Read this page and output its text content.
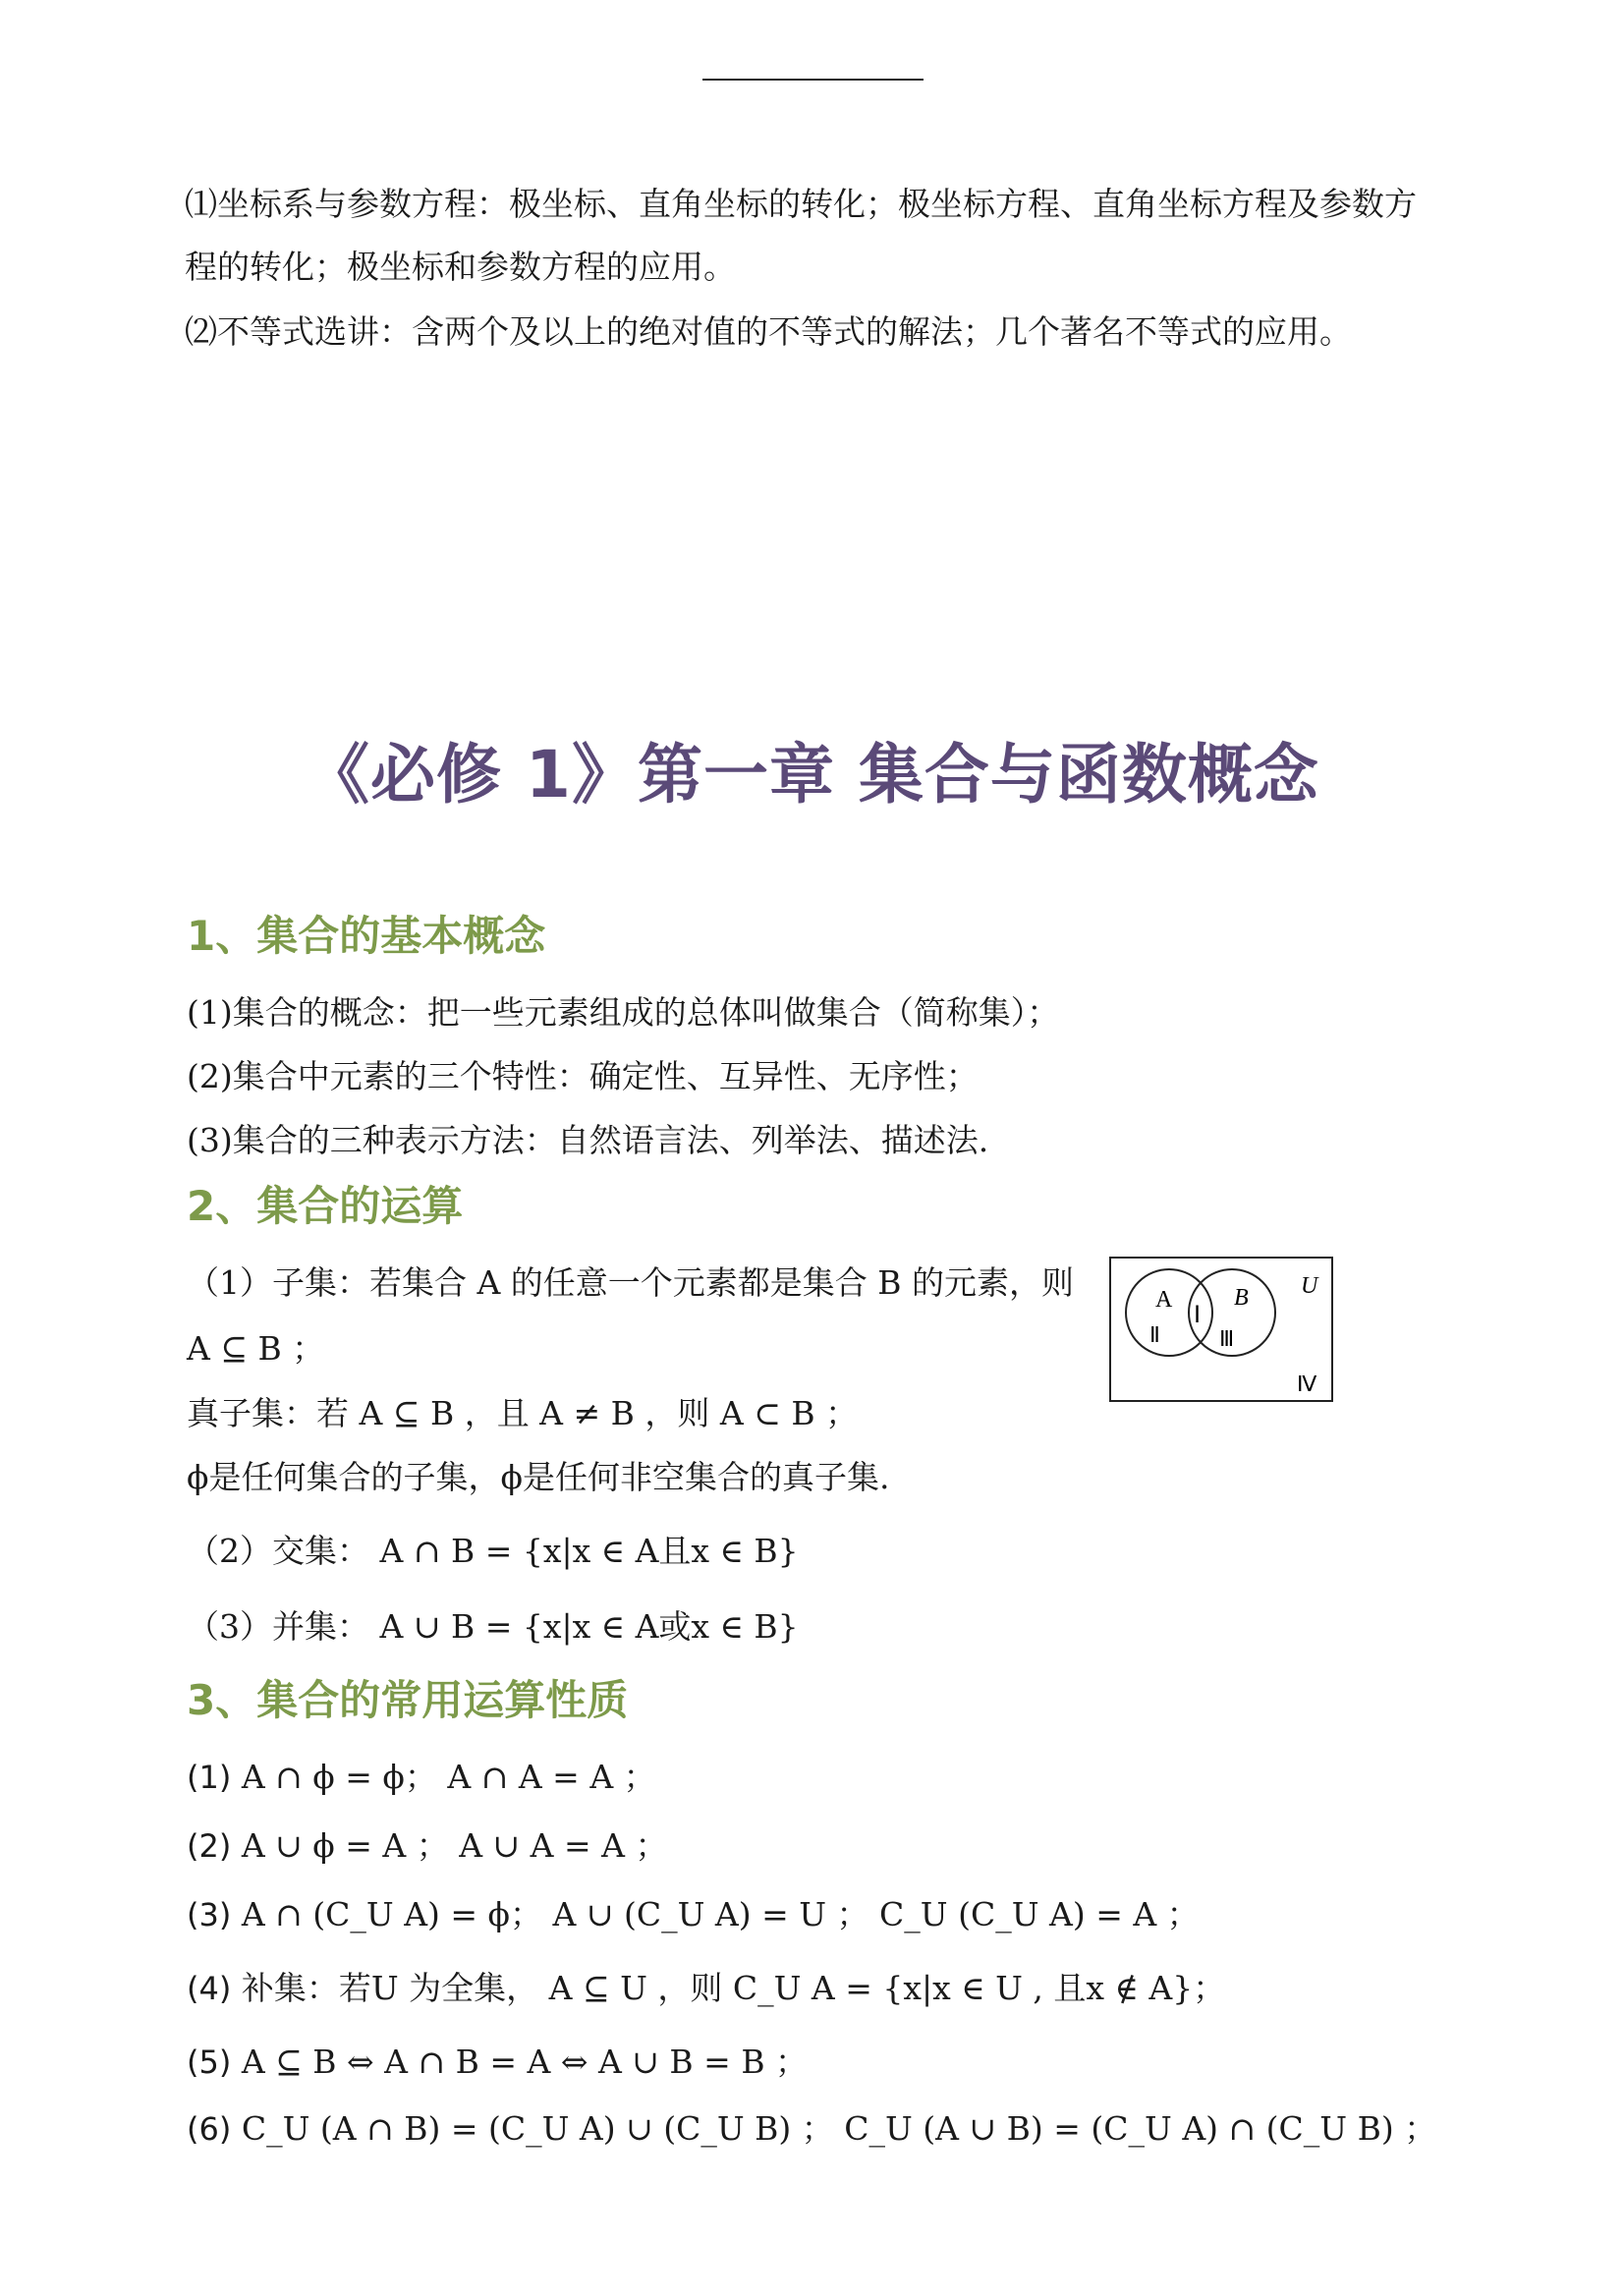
⑴坐标系与参数方程：极坐标、直角坐标的转化；极坐标方程、直角坐标方程及参数方程的转化；极坐标和参数方程的应用。
⑵不等式选讲：含两个及以上的绝对值的不等式的解法；几个著名不等式的应用。
《必修 1》第一章 集合与函数概念
1、集合的基本概念
(1)集合的概念：把一些元素组成的总体叫做集合（简称集）；
(2)集合中元素的三个特性：确定性、互异性、无序性；
(3)集合的三种表示方法：自然语言法、列举法、描述法.
2、集合的运算
（1）子集：若集合 A 的任意一个元素都是集合 B 的元素，则
A ⊆ B ；
真子集：若 A ⊆ B ，且 A ≠ B ，则 A ⊂ B ；
ϕ是任何集合的子集，ϕ是任何非空集合的真子集.
（2）交集： A ∩ B = {x|x ∈ A且x ∈ B}
（3）并集： A ∪ B = {x|x ∈ A或x ∈ B}
A	B U
Ⅰ
Ⅱ	Ⅲ
Ⅳ
3、集合的常用运算性质
(1) A ∩ ϕ = ϕ； A ∩ A = A ；
(2) A ∪ ϕ = A ； A ∪ A = A ；
(3) A ∩ (C_U A) = ϕ； A ∪ (C_U A) = U ； C_U (C_U A) = A ；
(4) 补集：若U 为全集， A ⊆ U ，则 C_U A = {x|x ∈ U , 且x ∉ A}；
(5) A ⊆ B ⇔ A ∩ B = A ⇔ A ∪ B = B ；
(6) C_U (A ∩ B) = (C_U A) ∪ (C_U B) ； C_U (A ∪ B) = (C_U A) ∩ (C_U B) ；
